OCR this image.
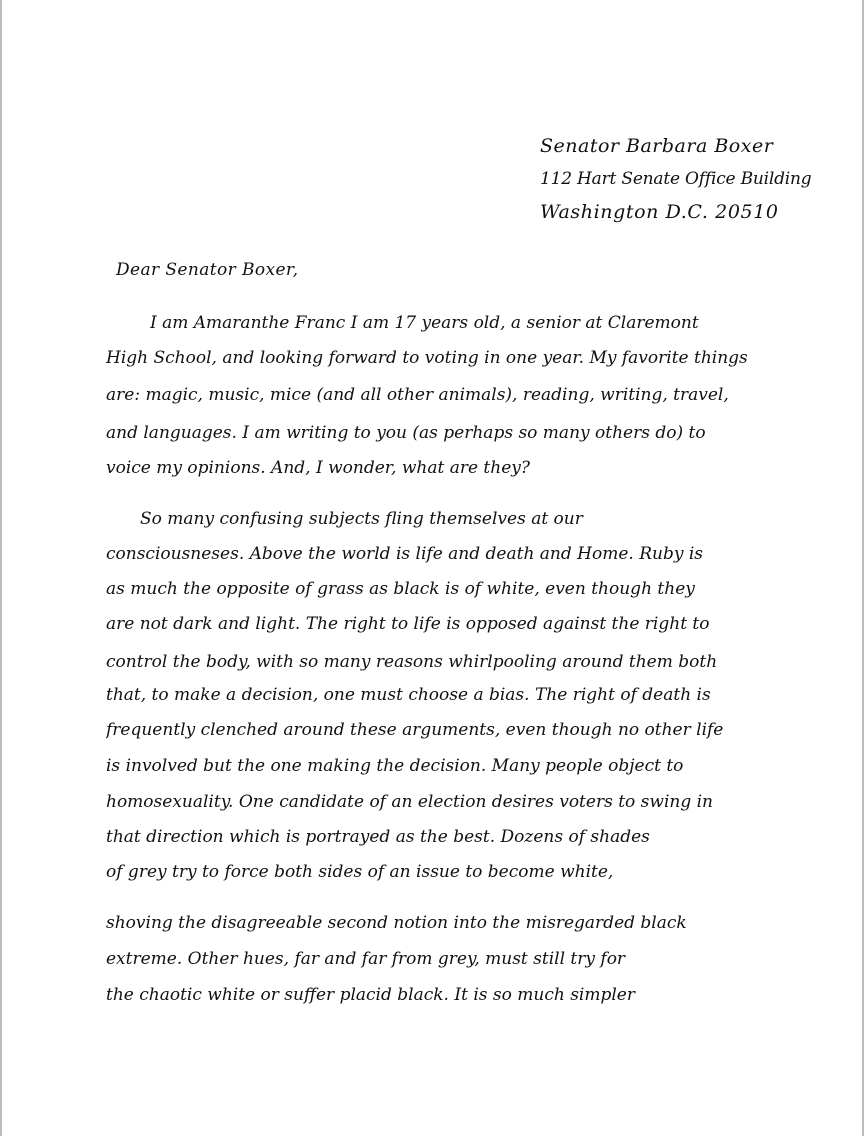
Senator Barbara Boxer
112 Hart Senate Office Building
Washington D.C. 20510
Dear Senator Boxer,
I am Amaranthe Franc I am 17 years old, a senior at Claremont
High School, and looking forward to voting in one year. My favorite things
are: magic, music, mice (and all other animals), reading, writing, travel,
and languages. I am writing to you (as perhaps so many others do) to
voice my opinions. And, I wonder, what are they?
So many confusing subjects fling themselves at our
consciousneses. Above the world is life and death and Home. Ruby is
as much the opposite of grass as black is of white, even though they
are not dark and light. The right to life is opposed against the right to
control the body, with so many reasons whirlpooling around them both
that, to make a decision, one must choose a bias. The right of death is
frequently clenched around these arguments, even though no other life
is involved but the one making the decision. Many people object to
homosexuality. One candidate of an election desires voters to swing in
that direction which is portrayed as the best. Dozens of shades
of grey try to force both sides of an issue to become white,
shoving the disagreeable second notion into the misregarded black
extreme. Other hues, far and far from grey, must still try for
the chaotic white or suffer placid black. It is so much simpler
